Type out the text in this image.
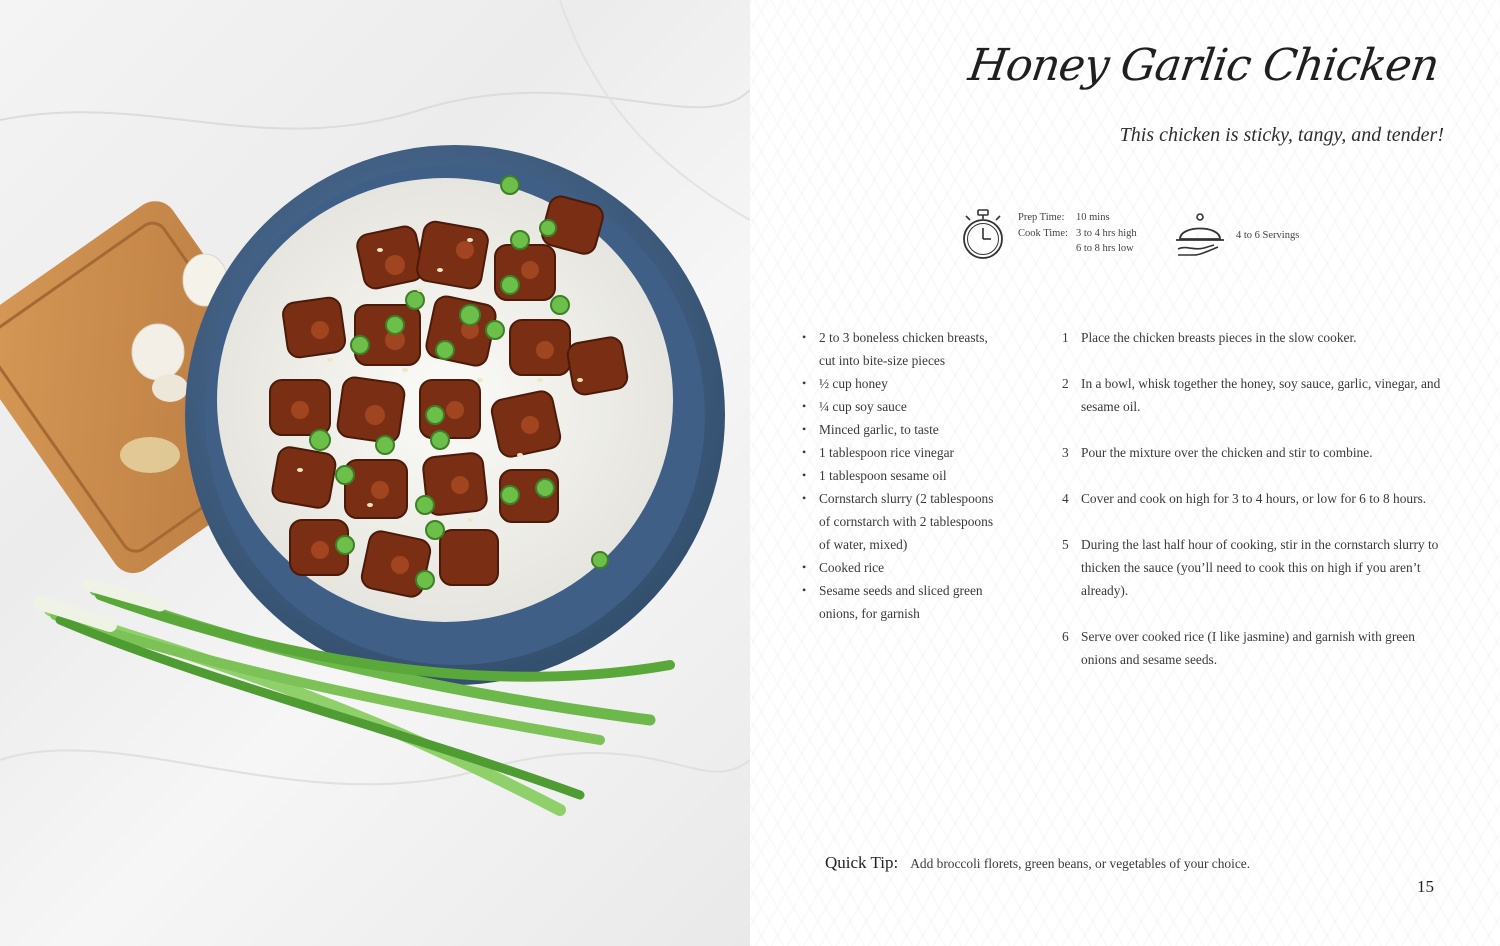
Honey Garlic Chicken
This chicken is sticky, tangy, and tender!
Prep Time: 10 mins
Cook Time: 3 to 4 hrs high
6 to 8 hrs low
4 to 6 Servings
• 2 to 3 boneless chicken breasts, cut into bite-size pieces
• ½ cup honey
• ¼ cup soy sauce
• Minced garlic, to taste
• 1 tablespoon rice vinegar
• 1 tablespoon sesame oil
• Cornstarch slurry (2 tablespoons of cornstarch with 2 tablespoons of water, mixed)
• Cooked rice
• Sesame seeds and sliced green onions, for garnish
1 Place the chicken breasts pieces in the slow cooker.
2 In a bowl, whisk together the honey, soy sauce, garlic, vinegar, and sesame oil.
3 Pour the mixture over the chicken and stir to combine.
4 Cover and cook on high for 3 to 4 hours, or low for 6 to 8 hours.
5 During the last half hour of cooking, stir in the cornstarch slurry to thicken the sauce (you’ll need to cook this on high if you aren’t already).
6 Serve over cooked rice (I like jasmine) and garnish with green onions and sesame seeds.
Quick Tip: Add broccoli florets, green beans, or vegetables of your choice.
15
